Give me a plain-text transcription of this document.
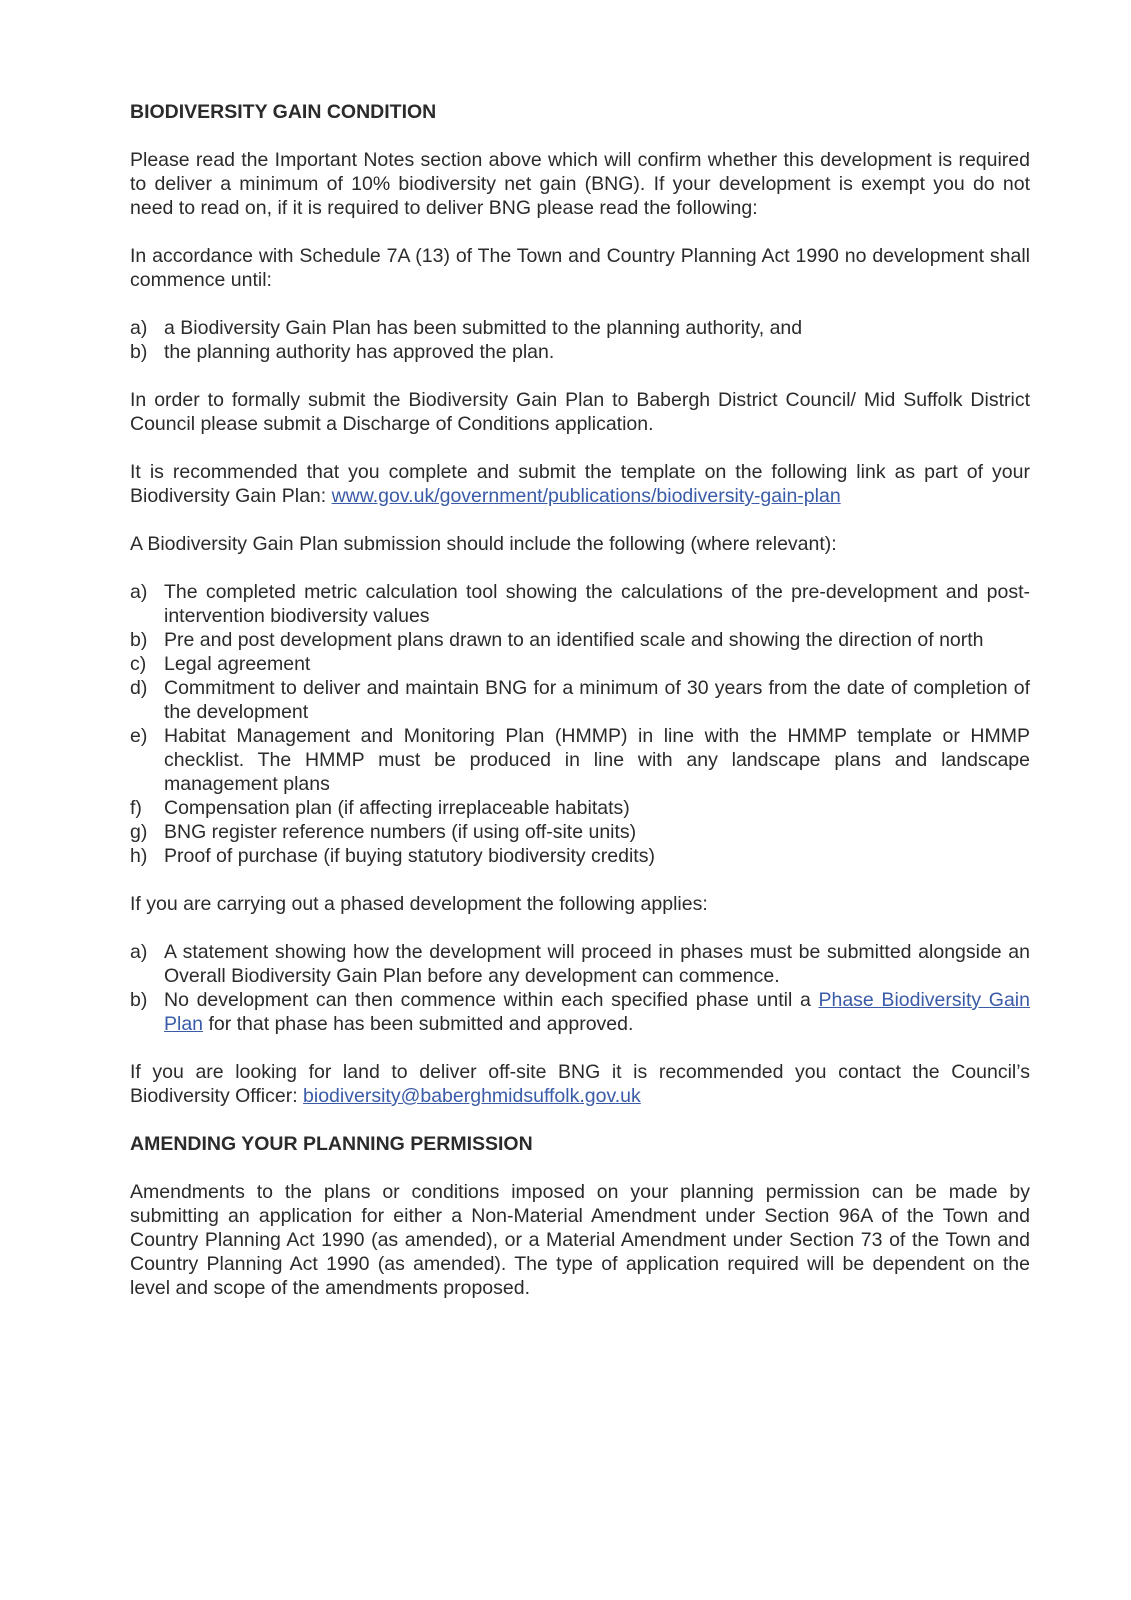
BIODIVERSITY GAIN CONDITION

Please read the Important Notes section above which will confirm whether this development is required to deliver a minimum of 10% biodiversity net gain (BNG). If your development is exempt you do not need to read on, if it is required to deliver BNG please read the following:

In accordance with Schedule 7A (13) of The Town and Country Planning Act 1990 no development shall commence until:

a) a Biodiversity Gain Plan has been submitted to the planning authority, and
b) the planning authority has approved the plan.

In order to formally submit the Biodiversity Gain Plan to Babergh District Council/ Mid Suffolk District Council please submit a Discharge of Conditions application.

It is recommended that you complete and submit the template on the following link as part of your Biodiversity Gain Plan: www.gov.uk/government/publications/biodiversity-gain-plan

A Biodiversity Gain Plan submission should include the following (where relevant):

a) The completed metric calculation tool showing the calculations of the pre-development and post-intervention biodiversity values
b) Pre and post development plans drawn to an identified scale and showing the direction of north
c) Legal agreement
d) Commitment to deliver and maintain BNG for a minimum of 30 years from the date of completion of the development
e) Habitat Management and Monitoring Plan (HMMP) in line with the HMMP template or HMMP checklist. The HMMP must be produced in line with any landscape plans and landscape management plans
f)	Compensation plan (if affecting irreplaceable habitats)
g) BNG register reference numbers (if using off-site units)
h) Proof of purchase (if buying statutory biodiversity credits)

If you are carrying out a phased development the following applies:

a) A statement showing how the development will proceed in phases must be submitted alongside an Overall Biodiversity Gain Plan before any development can commence.
b) No development can then commence within each specified phase until a Phase Biodiversity Gain Plan for that phase has been submitted and approved.

If you are looking for land to deliver off-site BNG it is recommended you contact the Council’s Biodiversity Officer: biodiversity@baberghmidsuffolk.gov.uk

AMENDING YOUR PLANNING PERMISSION

Amendments to the plans or conditions imposed on your planning permission can be made by submitting an application for either a Non-Material Amendment under Section 96A of the Town and Country Planning Act 1990 (as amended), or a Material Amendment under Section 73 of the Town and Country Planning Act 1990 (as amended). The type of application required will be dependent on the level and scope of the amendments proposed.
